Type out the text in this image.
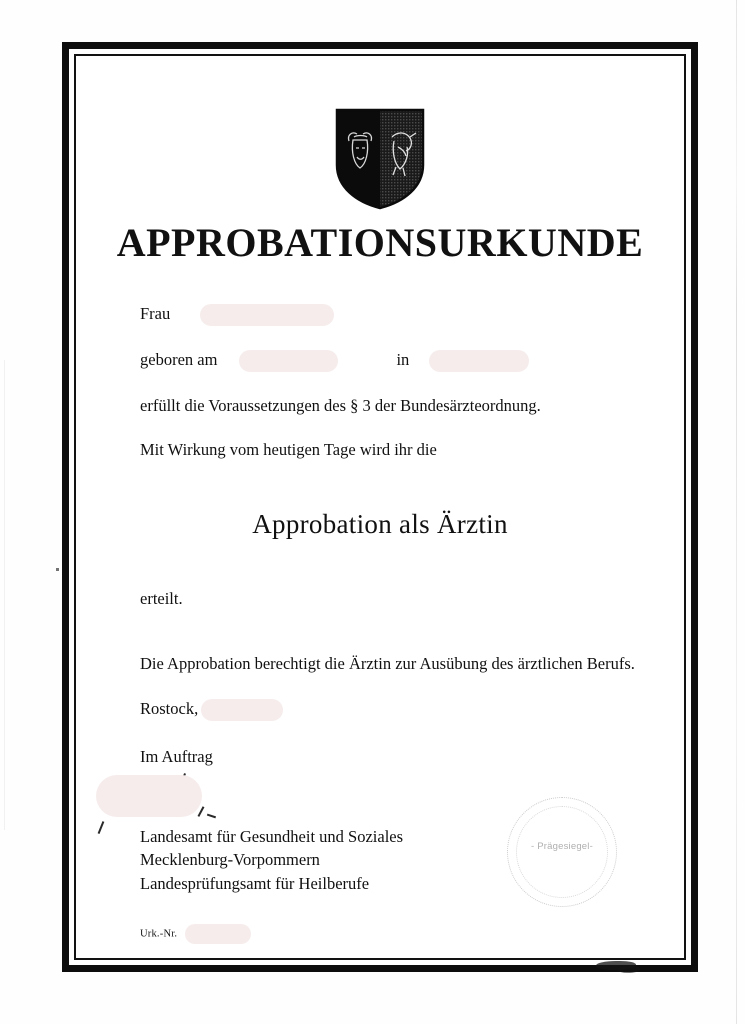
APPROBATIONSURKUNDE
Frau
geboren am	in
erfüllt die Voraussetzungen des § 3 der Bundesärzteordnung.
Mit Wirkung vom heutigen Tage wird ihr die
Approbation als Ärztin
erteilt.
Die Approbation berechtigt die Ärztin zur Ausübung des ärztlichen Berufs.
Rostock,
Im Auftrag
Landesamt für Gesundheit und Soziales
Mecklenburg-Vorpommern
Landesprüfungsamt für Heilberufe
- Prägesiegel-
Urk.-Nr.
